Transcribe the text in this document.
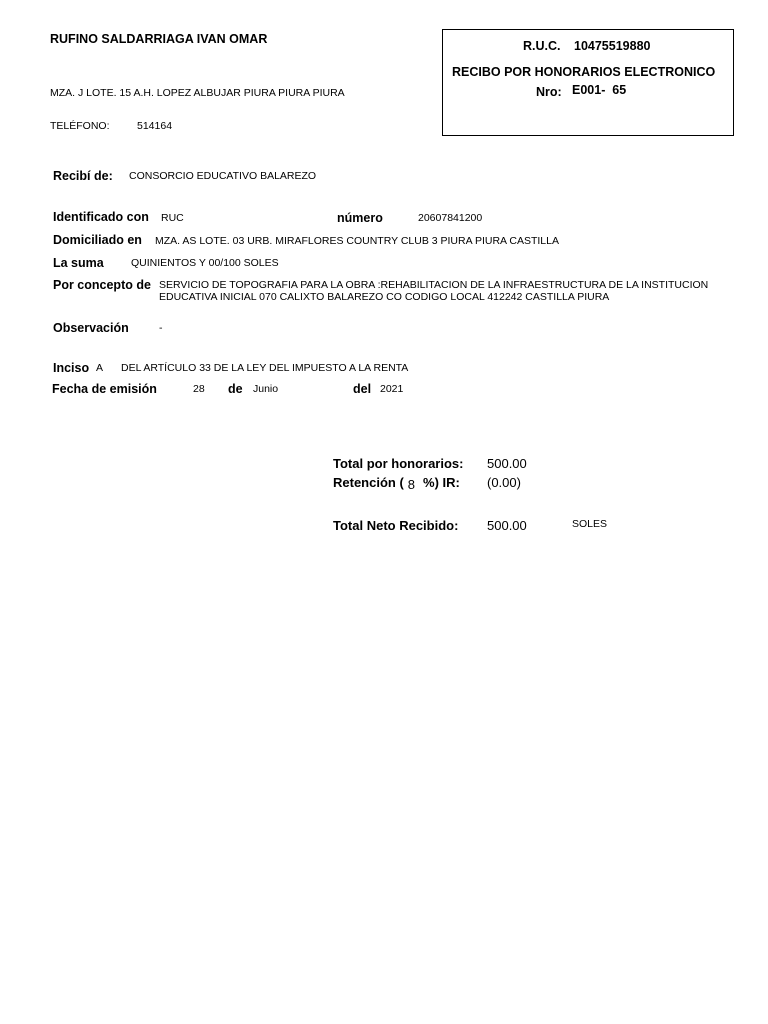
RUFINO SALDARRIAGA IVAN OMAR
MZA. J LOTE. 15 A.H. LOPEZ ALBUJAR PIURA PIURA PIURA
TELÉFONO:	514164
R.U.C. 10475519880
RECIBO POR HONORARIOS ELECTRONICO
Nro: E001-  65
Recibí de: CONSORCIO EDUCATIVO BALAREZO
Identificado con RUC	número	20607841200
Domiciliado en MZA. AS LOTE. 03 URB. MIRAFLORES COUNTRY CLUB 3 PIURA PIURA CASTILLA
La suma	QUINIENTOS Y 00/100 SOLES
Por concepto de SERVICIO DE TOPOGRAFIA PARA LA OBRA :REHABILITACION DE LA INFRAESTRUCTURA DE LA INSTITUCION
EDUCATIVA INICIAL 070 CALIXTO BALAREZO CO CODIGO LOCAL 412242 CASTILLA PIURA
Observación	-
Inciso A DEL ARTÍCULO 33 DE LA LEY DEL IMPUESTO A LA RENTA
Fecha de emisión	28 de Junio	del 2021
Total por honorarios: 500.00
Retención ( 8 %) IR: (0.00)
Total Neto Recibido: 500.00	SOLES
